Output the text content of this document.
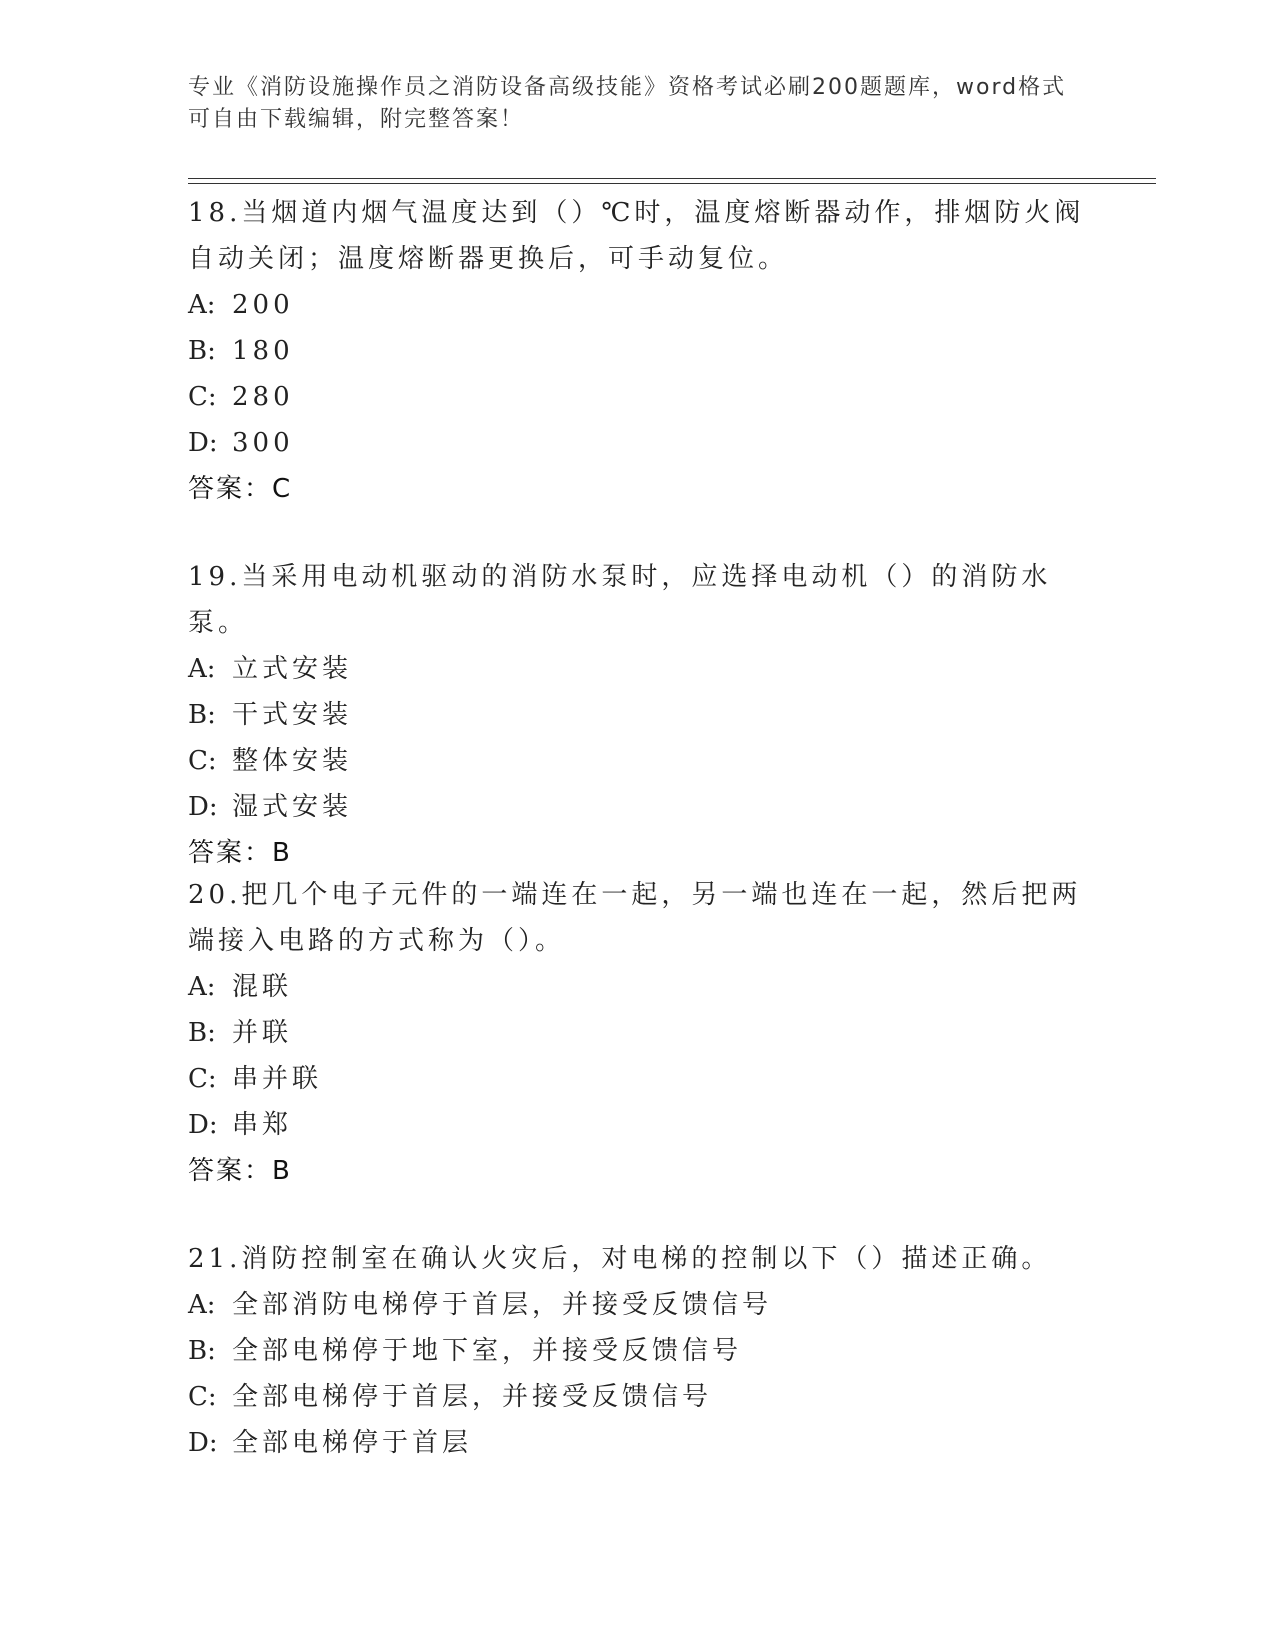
专业《消防设施操作员之消防设备高级技能》资格考试必刷200题题库，word格式可自由下载编辑，附完整答案！

18.当烟道内烟气温度达到（）℃时，温度熔断器动作，排烟防火阀自动关闭；温度熔断器更换后，可手动复位。

A: 200

B: 180

C: 280

D: 300

答案：C

19.当采用电动机驱动的消防水泵时，应选择电动机（）的消防水泵。

A: 立式安装

B: 干式安装

C: 整体安装

D: 湿式安装

答案：B

20.把几个电子元件的一端连在一起，另一端也连在一起，然后把两端接入电路的方式称为（）。

A: 混联

B: 并联

C: 串并联

D: 串郑

答案：B

21.消防控制室在确认火灾后，对电梯的控制以下（）描述正确。

A: 全部消防电梯停于首层，并接受反馈信号

B: 全部电梯停于地下室，并接受反馈信号

C: 全部电梯停于首层，并接受反馈信号

D: 全部电梯停于首层
